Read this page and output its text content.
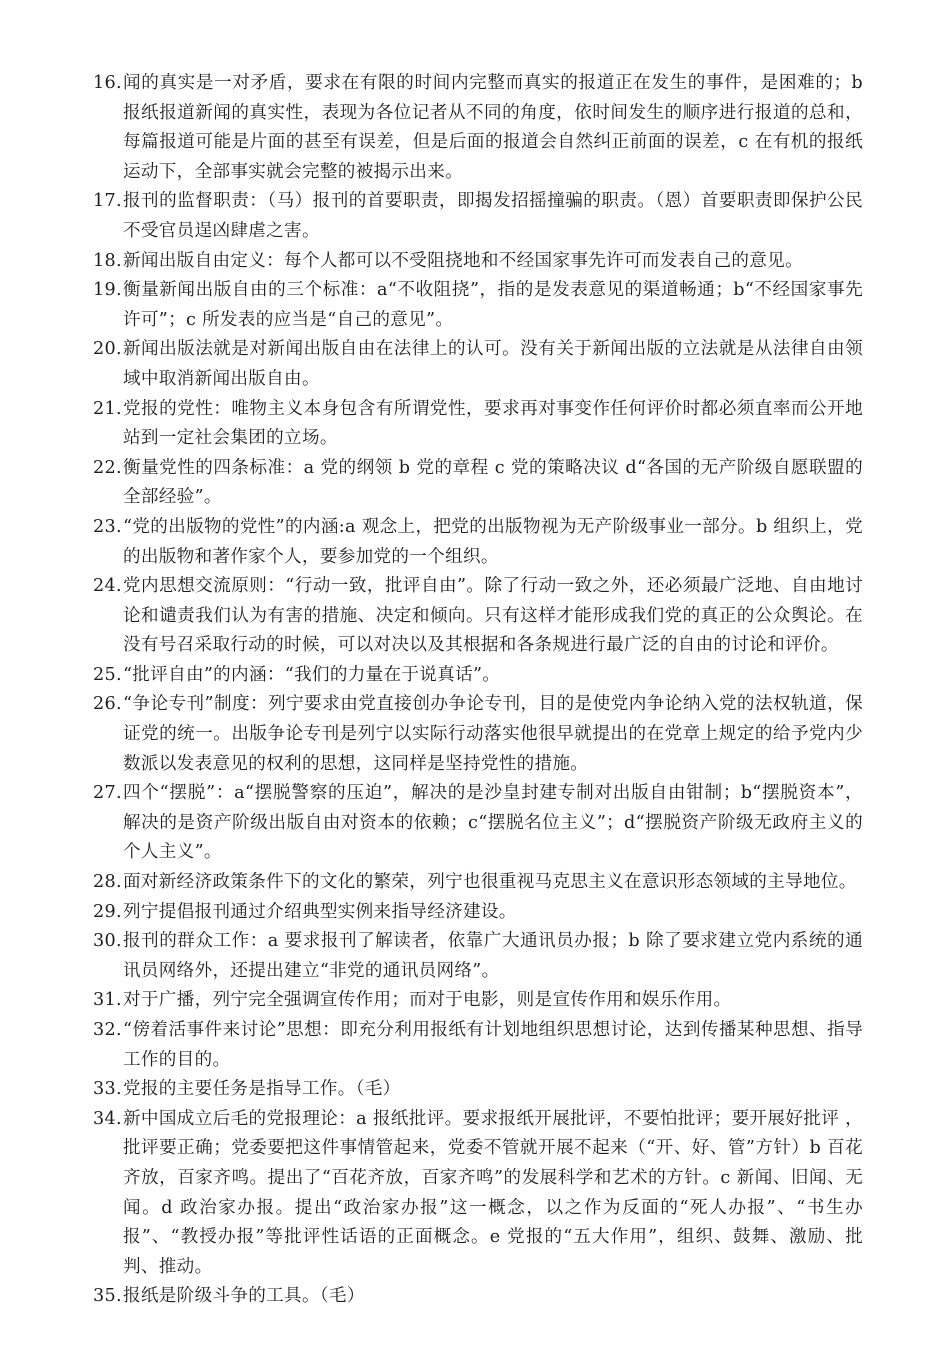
16. 闻的真实是一对矛盾，要求在有限的时间内完整而真实的报道正在发生的事件，是困难的；b 报纸报道新闻的真实性，表现为各位记者从不同的角度，依时间发生的顺序进行报道的总和，每篇报道可能是片面的甚至有误差，但是后面的报道会自然纠正前面的误差，c 在有机的报纸运动下，全部事实就会完整的被揭示出来。
17. 报刊的监督职责：（马）报刊的首要职责，即揭发招摇撞骗的职责。（恩）首要职责即保护公民不受官员逞凶肆虐之害。
18. 新闻出版自由定义：每个人都可以不受阻挠地和不经国家事先许可而发表自己的意见。
19. 衡量新闻出版自由的三个标准：a“不收阻挠”，指的是发表意见的渠道畅通；b“不经国家事先许可”；c 所发表的应当是“自己的意见”。
20. 新闻出版法就是对新闻出版自由在法律上的认可。没有关于新闻出版的立法就是从法律自由领域中取消新闻出版自由。
21. 党报的党性：唯物主义本身包含有所谓党性，要求再对事变作任何评价时都必须直率而公开地站到一定社会集团的立场。
22. 衡量党性的四条标准：a 党的纲领 b 党的章程 c 党的策略决议 d“各国的无产阶级自愿联盟的全部经验”。
23. “党的出版物的党性”的内涵:a 观念上，把党的出版物视为无产阶级事业一部分。b 组织上，党的出版物和著作家个人，要参加党的一个组织。
24. 党内思想交流原则：“行动一致，批评自由”。除了行动一致之外，还必须最广泛地、自由地讨论和谴责我们认为有害的措施、决定和倾向。只有这样才能形成我们党的真正的公众舆论。在没有号召采取行动的时候，可以对决以及其根据和各条规进行最广泛的自由的讨论和评价。
25. “批评自由”的内涵：“我们的力量在于说真话”。
26. “争论专刊”制度：列宁要求由党直接创办争论专刊，目的是使党内争论纳入党的法权轨道，保证党的统一。出版争论专刊是列宁以实际行动落实他很早就提出的在党章上规定的给予党内少数派以发表意见的权利的思想，这同样是坚持党性的措施。
27. 四个“摆脱”：a“摆脱警察的压迫”，解决的是沙皇封建专制对出版自由钳制；b“摆脱资本”，解决的是资产阶级出版自由对资本的依赖；c“摆脱名位主义”；d“摆脱资产阶级无政府主义的个人主义”。
28. 面对新经济政策条件下的文化的繁荣，列宁也很重视马克思主义在意识形态领域的主导地位。
29. 列宁提倡报刊通过介绍典型实例来指导经济建设。
30. 报刊的群众工作：a 要求报刊了解读者，依靠广大通讯员办报；b 除了要求建立党内系统的通讯员网络外，还提出建立“非党的通讯员网络”。
31. 对于广播，列宁完全强调宣传作用；而对于电影，则是宣传作用和娱乐作用。
32. “傍着活事件来讨论”思想：即充分利用报纸有计划地组织思想讨论，达到传播某种思想、指导工作的目的。
33. 党报的主要任务是指导工作。（毛）
34. 新中国成立后毛的党报理论：a 报纸批评。要求报纸开展批评，不要怕批评；要开展好批评 ，批评要正确；党委要把这件事情管起来，党委不管就开展不起来（“开、好、管”方针）b 百花齐放，百家齐鸣。提出了“百花齐放，百家齐鸣”的发展科学和艺术的方针。c 新闻、旧闻、无闻。d 政治家办报。提出“政治家办报”这一概念，以之作为反面的“死人办报”、“书生办报”、“教授办报”等批评性话语的正面概念。e 党报的“五大作用”，组织、鼓舞、激励、批判、推动。
35. 报纸是阶级斗争的工具。（毛）
